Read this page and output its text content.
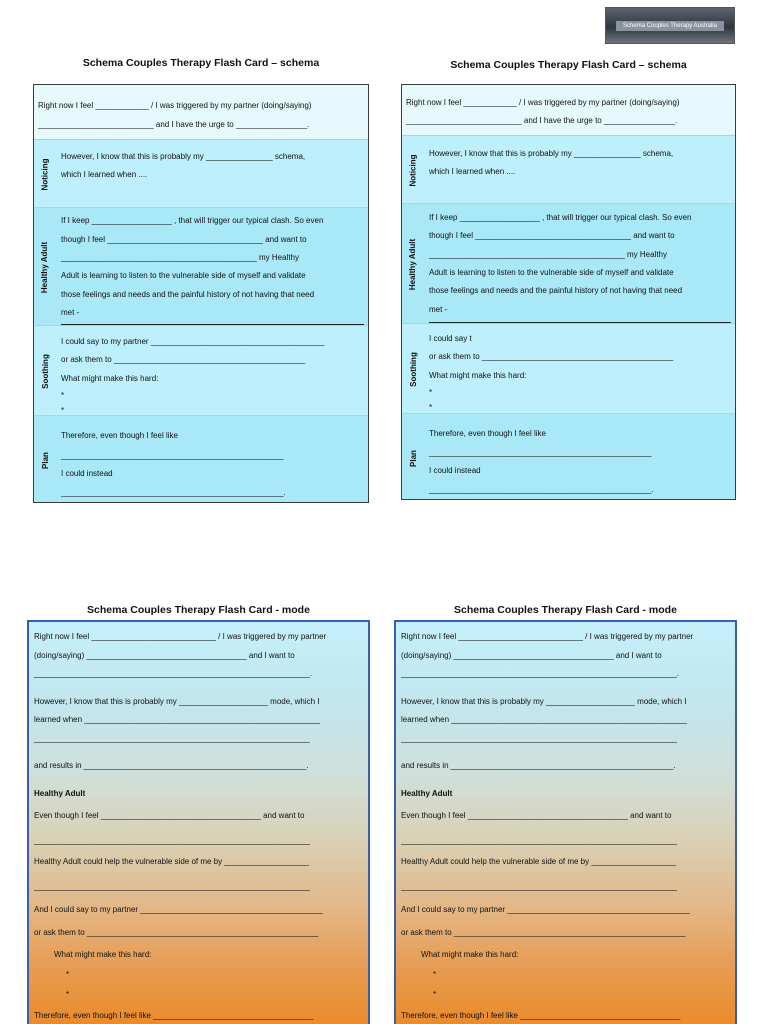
Schema Couples Therapy Australia
Schema Couples Therapy Flash Card – schema
Right now I feel ____________ / I was triggered by my partner (doing/saying)
__________________________ and I have the urge to ________________.
Noticing
However, I know that this is probably my _______________ schema,
which I learned when ....
Healthy Adult
If I keep __________________ , that will trigger our typical clash. So even
though I feel ___________________________________ and want to
____________________________________________ my Healthy
Adult is learning to listen to the vulnerable side of myself and validate
those feelings and needs and the painful history of not having that need
met -
Soothing
I could say to my partner _______________________________________
or ask them to ___________________________________________
What might make this hard:
*
*
Plan
Therefore, even though I feel like
__________________________________________________
I could instead
__________________________________________________.
Schema Couples Therapy Flash Card – schema
Right now I feel ____________ / I was triggered by my partner (doing/saying)
__________________________ and I have the urge to ________________.
Noticing
However, I know that this is probably my _______________ schema,
which I learned when ....
Healthy Adult
If I keep __________________ , that will trigger our typical clash. So even
though I feel ___________________________________ and want to
____________________________________________ my Healthy
Adult is learning to listen to the vulnerable side of myself and validate
those feelings and needs and the painful history of not having that need
met -
Soothing
I could say t
or ask them to ___________________________________________
What might make this hard:
*
*
Plan
Therefore, even though I feel like
__________________________________________________
I could instead
__________________________________________________.
Schema Couples Therapy Flash Card - mode
Right now I feel ____________________________ / I was triggered by my partner
(doing/saying) ____________________________________ and I want to
______________________________________________________________.
However, I know that this is probably my ____________________ mode, which I
learned when _____________________________________________________
______________________________________________________________
and results in __________________________________________________.
Healthy Adult
Even though I feel ____________________________________ and want to
______________________________________________________________
Healthy Adult could help the vulnerable side of me by ___________________
______________________________________________________________
And I could say to my partner _________________________________________
or ask them to ____________________________________________________
What might make this hard:
*
*
Therefore, even though I feel like ____________________________________
Schema Couples Therapy Flash Card - mode
Right now I feel ____________________________ / I was triggered by my partner
(doing/saying) ____________________________________ and I want to
______________________________________________________________.
However, I know that this is probably my ____________________ mode, which I
learned when _____________________________________________________
______________________________________________________________
and results in __________________________________________________.
Healthy Adult
Even though I feel ____________________________________ and want to
______________________________________________________________
Healthy Adult could help the vulnerable side of me by ___________________
______________________________________________________________
And I could say to my partner _________________________________________
or ask them to ____________________________________________________
What might make this hard:
*
*
Therefore, even though I feel like ____________________________________
